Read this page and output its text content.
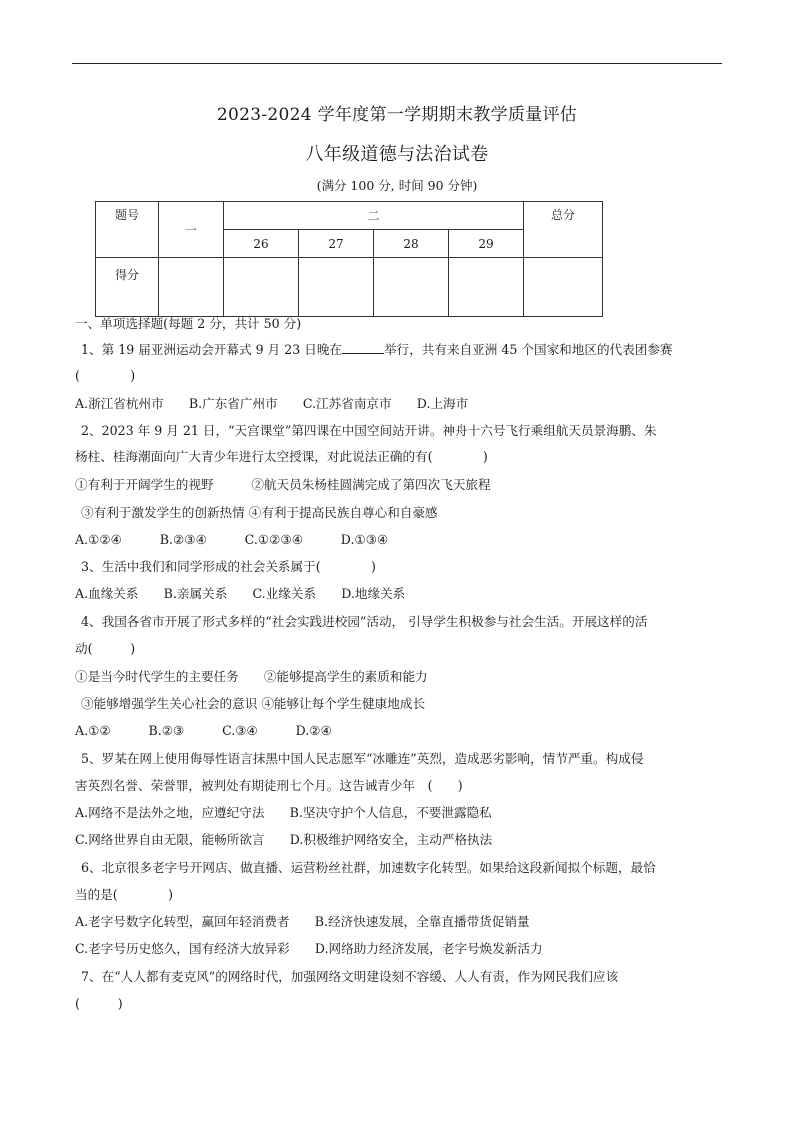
2023-2024 学年度第一学期期末教学质量评估
八年级道德与法治试卷
(满分 100 分, 时间 90 分钟)
题号	一	二				总分
		26	27	28	29	
得分						
一、单项选择题(每题 2 分，共计 50 分)
1、第 19 届亚洲运动会开幕式 9 月 23 日晚在	举行，共有来自亚洲 45 个国家和地区的代表团参赛
(　　　　)
A.浙江省杭州市　　B.广东省广州市　　C.江苏省南京市　　D.上海市
2、2023 年 9 月 21 日，“天宫课堂”第四课在中国空间站开讲。神舟十六号飞行乘组航天员景海鹏、朱
杨柱、桂海潮面向广大青少年进行太空授课，对此说法正确的有(　　　　)
①有利于开阔学生的视野　　　②航天员朱杨桂圆满完成了第四次飞天旅程
③有利于激发学生的创新热情 ④有利于提高民族自尊心和自豪感
A.①②④　　　B.②③④　　　C.①②③④　　　D.①③④
3、生活中我们和同学形成的社会关系属于(　　　　)
A.血缘关系　　B.亲属关系　　C.业缘关系　　D.地缘关系
4、我国各省市开展了形式多样的“社会实践进校园”活动， 引导学生积极参与社会生活。开展这样的活
动(　　　)
①是当今时代学生的主要任务　　②能够提高学生的素质和能力
③能够增强学生关心社会的意识 ④能够让每个学生健康地成长
A.①②　　　B.②③　　　C.③④　　　D.②④
5、罗某在网上使用侮辱性语言抹黑中国人民志愿军“冰雕连”英烈，造成恶劣影响，情节严重。构成侵
害英烈名誉、荣誉罪，被判处有期徒刑七个月。这告诫青少年　(　　)
A.网络不是法外之地，应遵纪守法　　B.坚决守护个人信息，不要泄露隐私
C.网络世界自由无限，能畅所欲言　　D.积极维护网络安全，主动严格执法
6、北京很多老字号开网店、做直播、运营粉丝社群，加速数字化转型。如果给这段新闻拟个标题，最恰
当的是(　　　　)
A.老字号数字化转型，赢回年轻消费者　　B.经济快速发展，全靠直播带货促销量
C.老字号历史悠久，国有经济大放异彩　　D.网络助力经济发展，老字号焕发新活力
7、在“人人都有麦克风”的网络时代，加强网络文明建设刻不容缓、人人有责，作为网民我们应该
(　　　)
